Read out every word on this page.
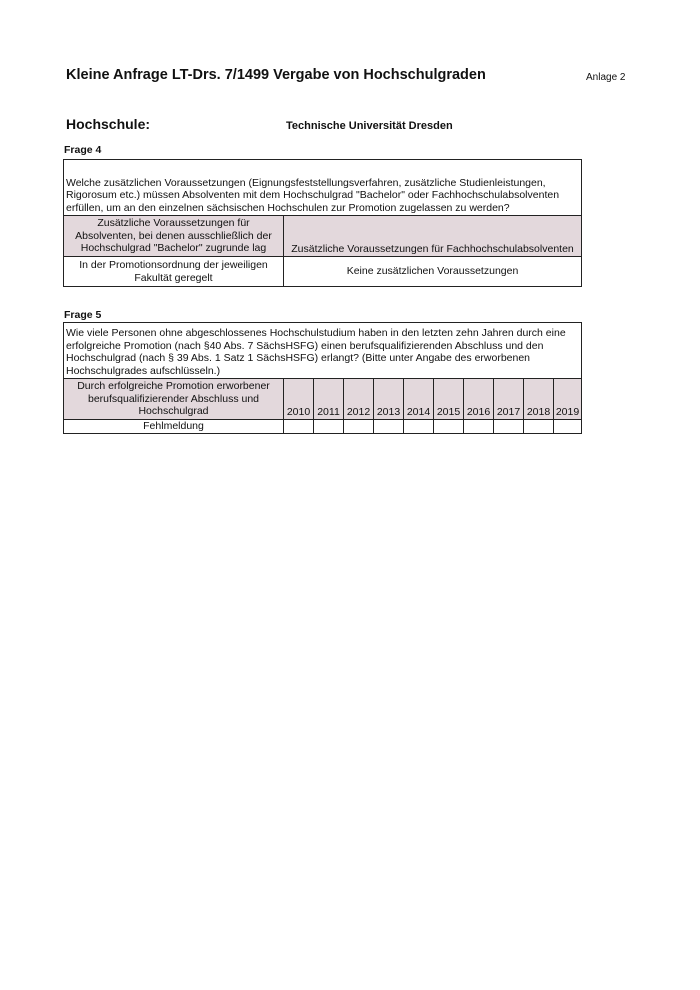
Kleine Anfrage LT-Drs. 7/1499 Vergabe von Hochschulgraden	Anlage 2
Hochschule:	Technische Universität Dresden
Frage 4
Welche zusätzlichen Voraussetzungen (Eignungsfeststellungsverfahren, zusätzliche Studienleistungen, Rigorosum etc.) müssen Absolventen mit dem Hochschulgrad "Bachelor" oder Fachhochschulabsolventen erfüllen, um an den einzelnen sächsischen Hochschulen zur Promotion zugelassen zu werden?	
Zusätzliche Voraussetzungen für Absolventen, bei denen ausschließlich der Hochschulgrad "Bachelor" zugrunde lag	Zusätzliche Voraussetzungen für Fachhochschulabsolventen
In der Promotionsordnung der jeweiligen Fakultät geregelt	Keine zusätzlichen Voraussetzungen
Frage 5
Wie viele Personen ohne abgeschlossenes Hochschulstudium haben in den letzten zehn Jahren durch eine erfolgreiche Promotion (nach §40 Abs. 7 SächsHSFG) einen berufsqualifizierenden Abschluss und den Hochschulgrad (nach § 39 Abs. 1 Satz 1 SächsHSFG) erlangt? (Bitte unter Angabe des erworbenen Hochschulgrades aufschlüsseln.)										
Durch erfolgreiche Promotion erworbener berufsqualifizierender Abschluss und Hochschulgrad	2010	2011	2012	2013	2014	2015	2016	2017	2018	2019
Fehlmeldung										
